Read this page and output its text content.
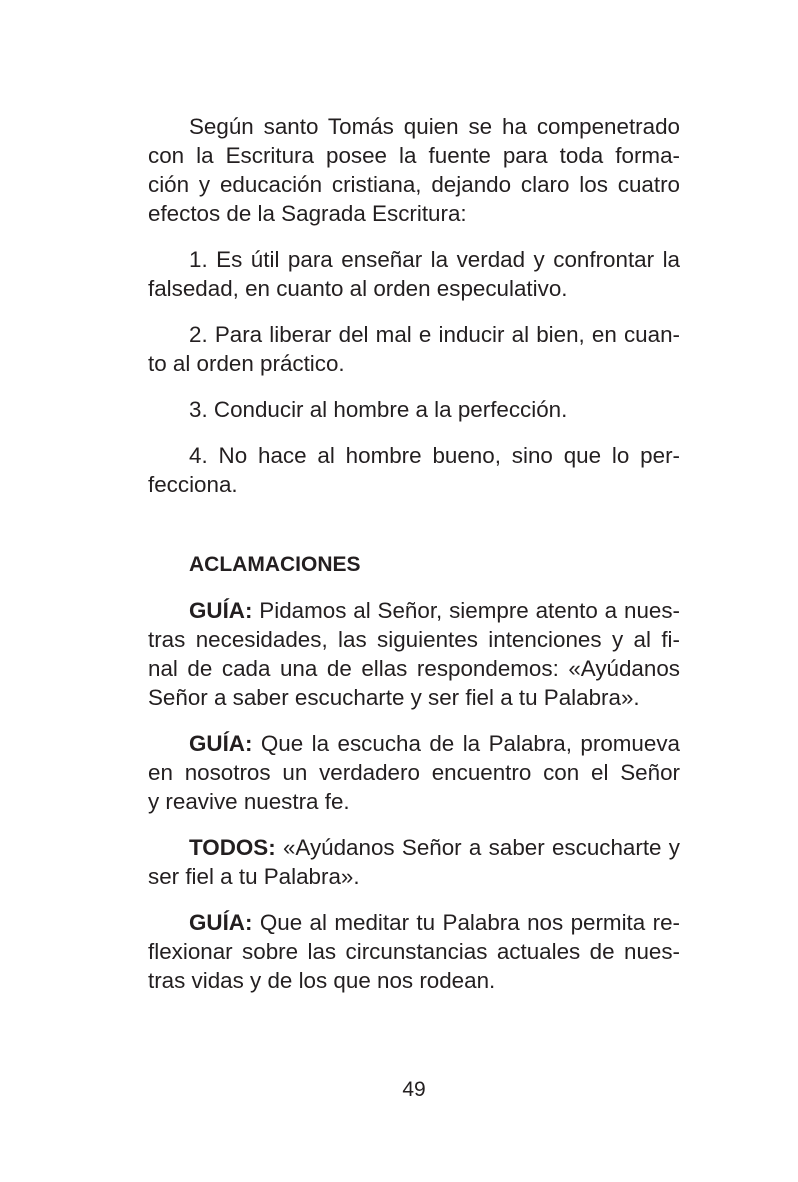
Según santo Tomás quien se ha compenetrado
con la Escritura posee la fuente para toda forma-
ción y educación cristiana, dejando claro los cuatro
efectos de la Sagrada Escritura:
1. Es útil para enseñar la verdad y confrontar la
falsedad, en cuanto al orden especulativo.
2. Para liberar del mal e inducir al bien, en cuan-
to al orden práctico.
3. Conducir al hombre a la perfección.
4. No hace al hombre bueno, sino que lo per-
fecciona.
ACLAMACIONES
GUÍA: Pidamos al Señor, siempre atento a nues-
tras necesidades, las siguientes intenciones y al fi-
nal de cada una de ellas respondemos: «Ayúdanos
Señor a saber escucharte y ser fiel a tu Palabra».
GUÍA: Que la escucha de la Palabra, promueva
en nosotros un verdadero encuentro con el Señor
y reavive nuestra fe.
TODOS: «Ayúdanos Señor a saber escucharte y
ser fiel a tu Palabra».
GUÍA: Que al meditar tu Palabra nos permita re-
flexionar sobre las circunstancias actuales de nues-
tras vidas y de los que nos rodean.
49
